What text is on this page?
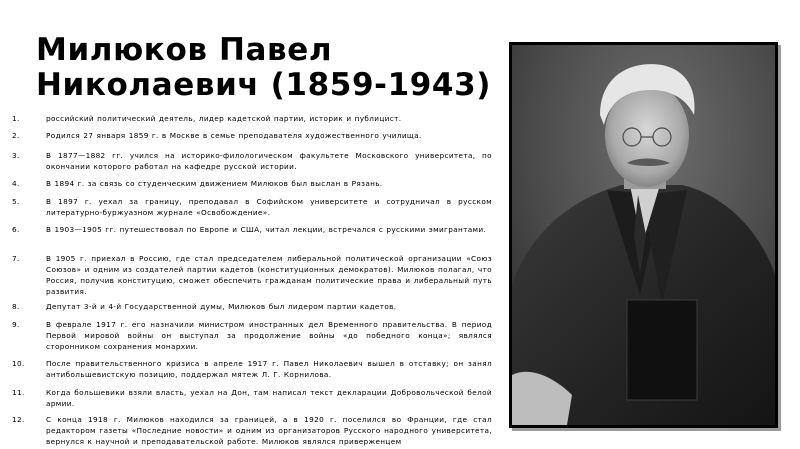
Милюков Павел
Николаевич (1859-1943)
1.	российский политический деятель, лидер кадетской партии, историк и публицист.
2.	Родился 27 января 1859 г. в Москве в семье преподавателя художественного училища.
3.	В 1877—1882 гг. учился на историко-филологическом факультете Московского университета, по окончании которого работал на кафедре русской истории.
4.	В 1894 г. за связь со студенческим движением Милюков был выслан в Рязань.
5.	В 1897 г. уехал за границу, преподавал в Софийском университете и сотрудничал в русском литературно-буржуазном журнале «Освобождение».
6.	В 1903—1905 гг. путешествовал по Европе и США, читал лекции, встречался с русскими эмигрантами.
7.	В 1905 г. приехал в Россию, где стал председателем либеральной политической организации «Союз Союзов» и одним из создателей партии кадетов (конституционных демократов). Милюков полагал, что Россия, получив конституцию, сможет обеспечить гражданам политические права и либеральный путь развития.
8.	Депутат 3-й и 4-й Государственной думы, Милюков был лидером партии кадетов.
9.	В феврале 1917 г. его назначили министром иностранных дел Временного правительства. В период Первой мировой войны он выступал за продолжение войны «до победного конца»; являлся сторонником сохранения монархии.
10.	После правительственного кризиса в апреле 1917 г. Павел Николаевич вышел в отставку; он занял антибольшевистскую позицию, поддержал мятеж Л. Г. Корнилова.
11.	Когда большевики взяли власть, уехал на Дон, там написал текст декларации Добровольческой белой армии.
12.	С конца 1918 г. Милюков находился за границей, а в 1920 г. поселился во Франции, где стал редактором газеты «Последние новости» и одним из организаторов Русского народного университета, вернулся к научной и преподавательской работе. Милюков являлся приверженцем
